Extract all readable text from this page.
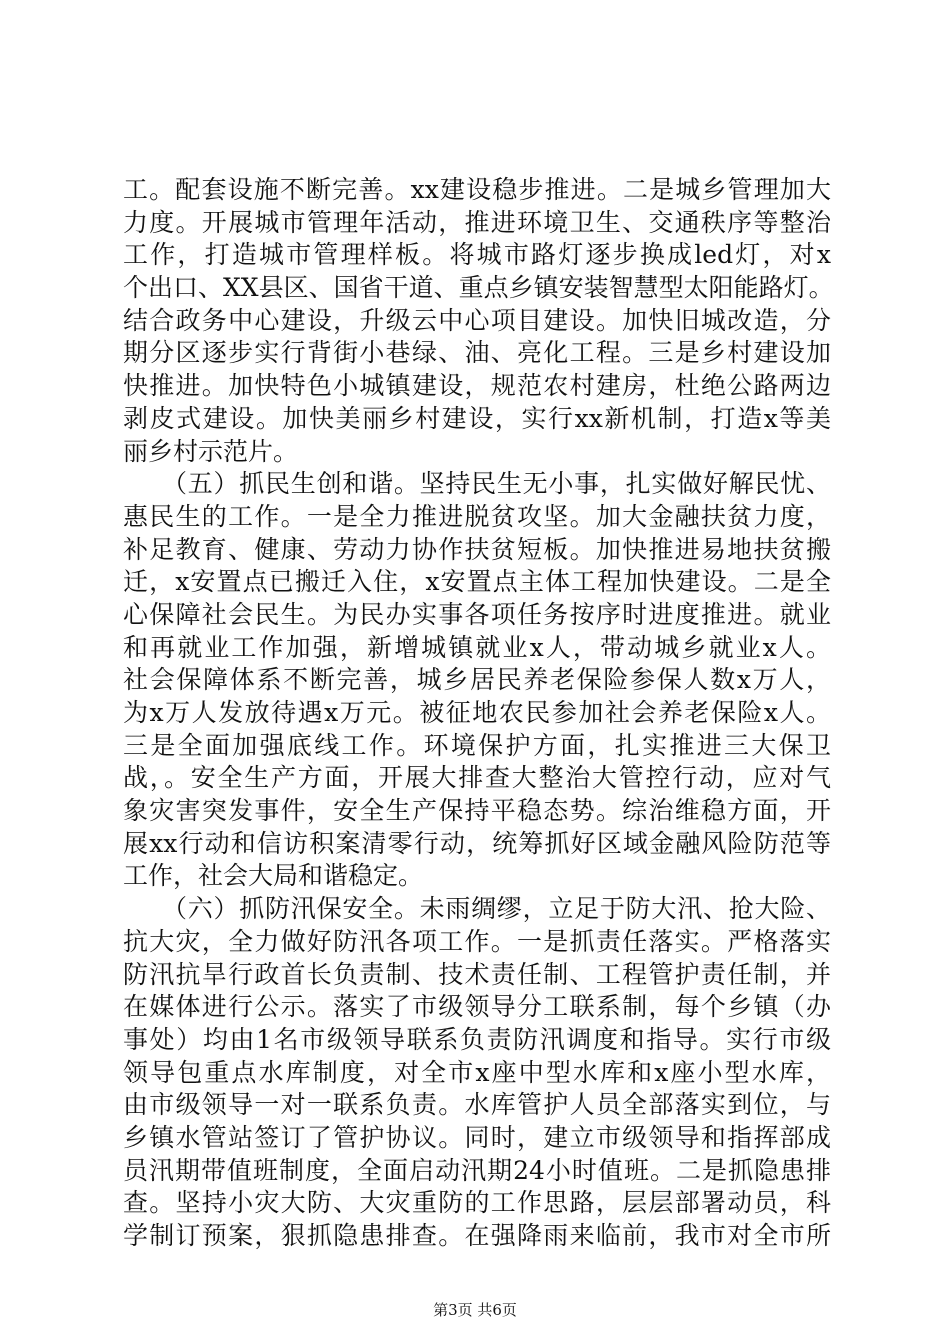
工。配套设施不断完善。xx建设稳步推进。二是城乡管理加大
力度。开展城市管理年活动，推进环境卫生、交通秩序等整治
工作，打造城市管理样板。将城市路灯逐步换成led灯，对x
个出口、XX县区、国省干道、重点乡镇安装智慧型太阳能路灯。
结合政务中心建设，升级云中心项目建设。加快旧城改造，分
期分区逐步实行背街小巷绿、油、亮化工程。三是乡村建设加
快推进。加快特色小城镇建设，规范农村建房，杜绝公路两边
剥皮式建设。加快美丽乡村建设，实行xx新机制，打造x等美
丽乡村示范片。
　　（五）抓民生创和谐。坚持民生无小事，扎实做好解民忧、
惠民生的工作。一是全力推进脱贫攻坚。加大金融扶贫力度，
补足教育、健康、劳动力协作扶贫短板。加快推进易地扶贫搬
迁，x安置点已搬迁入住，x安置点主体工程加快建设。二是全
心保障社会民生。为民办实事各项任务按序时进度推进。就业
和再就业工作加强，新增城镇就业x人，带动城乡就业x人。
社会保障体系不断完善，城乡居民养老保险参保人数x万人，
为x万人发放待遇x万元。被征地农民参加社会养老保险x人。
三是全面加强底线工作。环境保护方面，扎实推进三大保卫
战，。安全生产方面，开展大排查大整治大管控行动，应对气
象灾害突发事件，安全生产保持平稳态势。综治维稳方面，开
展xx行动和信访积案清零行动，统筹抓好区域金融风险防范等
工作，社会大局和谐稳定。
　　（六）抓防汛保安全。未雨绸缪，立足于防大汛、抢大险、
抗大灾，全力做好防汛各项工作。一是抓责任落实。严格落实
防汛抗旱行政首长负责制、技术责任制、工程管护责任制，并
在媒体进行公示。落实了市级领导分工联系制，每个乡镇（办
事处）均由1名市级领导联系负责防汛调度和指导。实行市级
领导包重点水库制度，对全市x座中型水库和x座小型水库，
由市级领导一对一联系负责。水库管护人员全部落实到位，与
乡镇水管站签订了管护协议。同时，建立市级领导和指挥部成
员汛期带值班制度，全面启动汛期24小时值班。二是抓隐患排
查。坚持小灾大防、大灾重防的工作思路，层层部署动员，科
学制订预案，狠抓隐患排查。在强降雨来临前，我市对全市所
第3页 共6页
